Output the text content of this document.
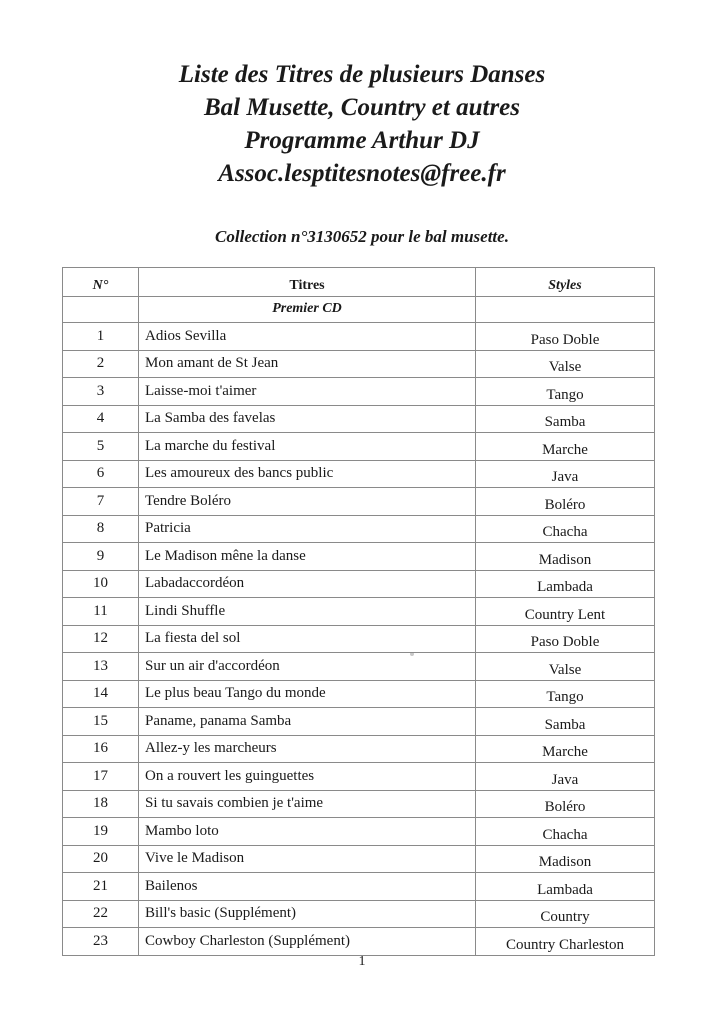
Liste des Titres de plusieurs Danses
Bal Musette, Country et autres
Programme Arthur DJ
Assoc.lesptitesnotes@free.fr
Collection n°3130652 pour le bal musette.
N°	Titres	Styles
	Premier CD	
1	Adios Sevilla	Paso Doble
2	Mon amant de St Jean	Valse
3	Laisse-moi t'aimer	Tango
4	La Samba des favelas	Samba
5	La marche du festival	Marche
6	Les amoureux des bancs public	Java
7	Tendre Boléro	Boléro
8	Patricia	Chacha
9	Le Madison mêne la danse	Madison
10	Labadaccordéon	Lambada
11	Lindi Shuffle	Country Lent
12	La fiesta del sol	Paso Doble
13	Sur un air d'accordéon	Valse
14	Le plus beau Tango du monde	Tango
15	Paname, panama Samba	Samba
16	Allez-y les marcheurs	Marche
17	On a rouvert les guinguettes	Java
18	Si tu savais combien je t'aime	Boléro
19	Mambo loto	Chacha
20	Vive le Madison	Madison
21	Bailenos	Lambada
22	Bill's basic (Supplément)	Country
23	Cowboy Charleston (Supplément)	Country Charleston
1
